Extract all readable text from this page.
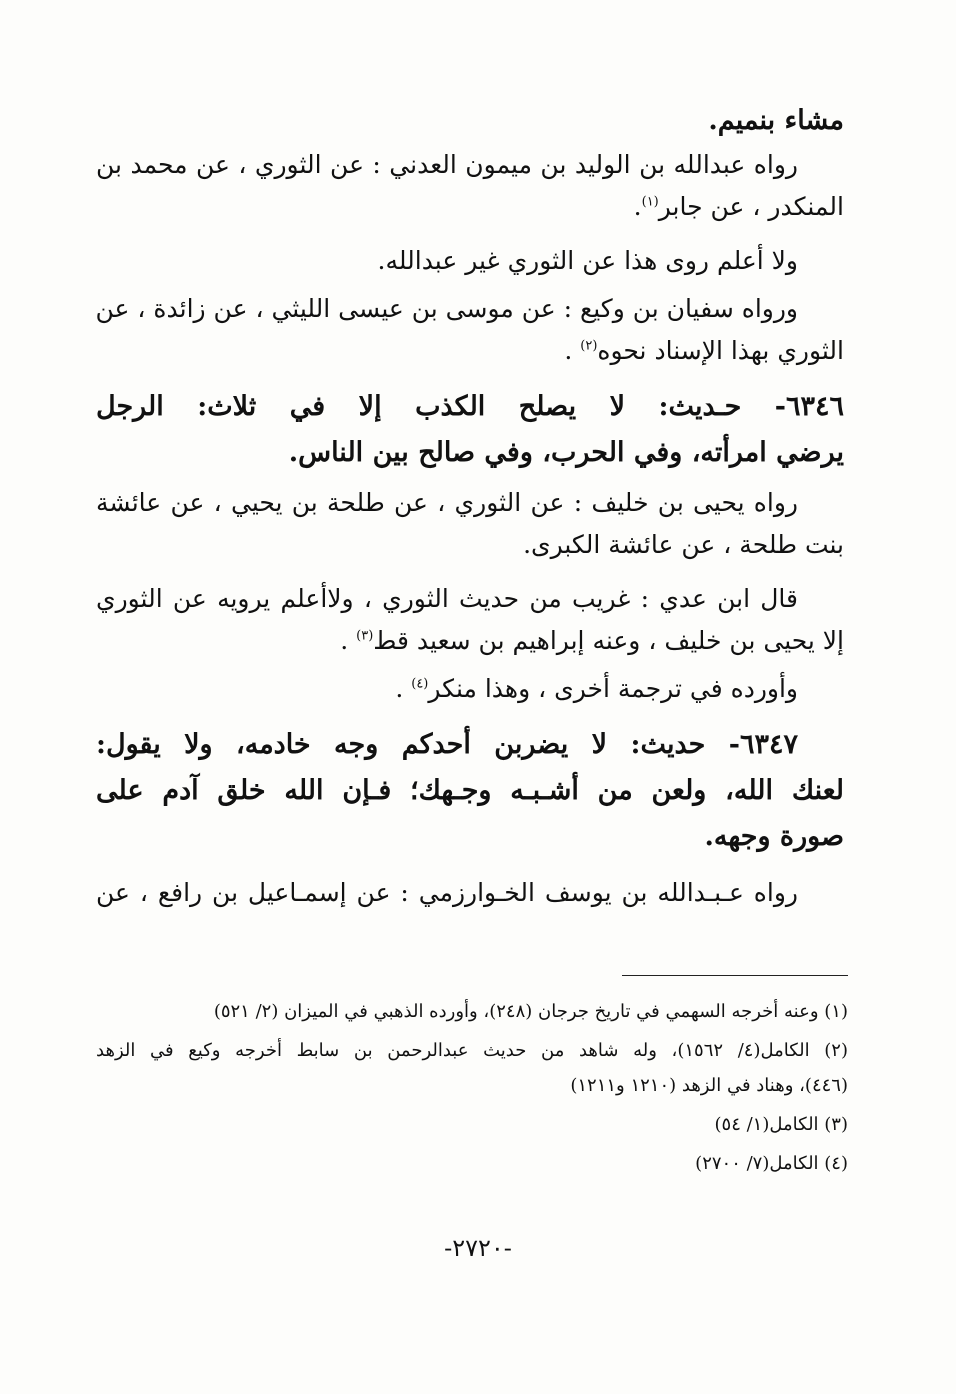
مشاء بنميم.
رواه عبدالله بن الوليد بن ميمون العدني : عن الثوري ، عن محمد بن
المنكدر ، عن جابر$^{(١)}$.
ولا أعلم روى هذا عن الثوري غير عبدالله.
ورواه سفيان بن وكيع : عن موسى بن عيسى الليثي ، عن زائدة ، عن
الثوري بهذا الإسناد نحوه$^{(٢)}$ .
٦٣٤٦- حـديث: لا يصلح الكذب إلا في ثلاث: الرجل
يرضي امرأته، وفي الحرب، وفي صالح بين الناس.
رواه يحيى بن خليف : عن الثوري ، عن طلحة بن يحيي ، عن عائشة
بنت طلحة ، عن عائشة الكبرى.
قال ابن عدي : غريب من حديث الثوري ، ولاأعلم يرويه عن الثوري
إلا يحيى بن خليف ، وعنه إبراهيم بن سعيد قط$^{(٣)}$ .
وأورده في ترجمة أخرى ، وهذا منكر$^{(٤)}$ .
٦٣٤٧- حديث: لا يضربن أحدكم وجه خادمه، ولا يقول:
لعنك الله، ولعن من أشـبـه وجـهك؛ فـإن الله خلق آدم على
صورة وجهه.
رواه عـبـدالله بن يوسف الخـوارزمي : عن إسمـاعيل بن رافع ، عن
(١) وعنه أخرجه السهمي في تاريخ جرجان (٢٤٨)، وأورده الذهبي في الميزان (٢/ ٥٢١)
(٢) الكامل(٤/ ١٥٦٢)، وله شاهد من حديث عبدالرحمن بن سابط أخرجه وكيع في الزهد
(٤٤٦)، وهناد في الزهد (١٢١٠ و١٢١١)
(٣) الكامل(١/ ٥٤)
(٤) الكامل(٧/ ٢٧٠٠)
-٢٧٢٠-
